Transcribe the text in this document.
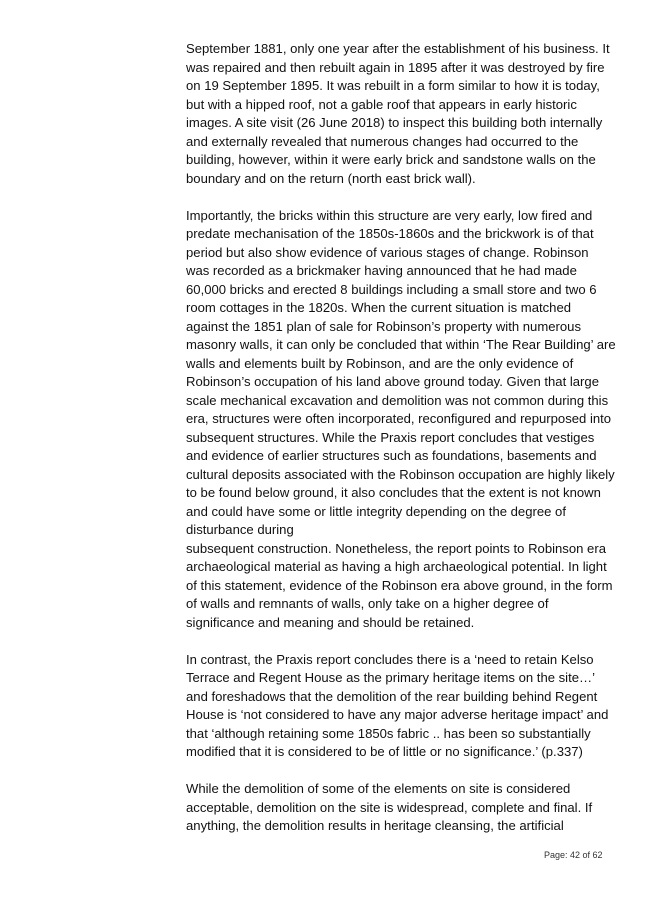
September 1881, only one year after the establishment of his business. It
was repaired and then rebuilt again in 1895 after it was destroyed by fire
on 19 September 1895. It was rebuilt in a form similar to how it is today,
but with a hipped roof, not a gable roof that appears in early historic
images. A site visit (26 June 2018) to inspect this building both internally
and externally revealed that numerous changes had occurred to the
building, however, within it were early brick and sandstone walls on the
boundary and on the return (north east brick wall).

Importantly, the bricks within this structure are very early, low fired and
predate mechanisation of the 1850s-1860s and the brickwork is of that
period but also show evidence of various stages of change. Robinson
was recorded as a brickmaker having announced that he had made
60,000 bricks and erected 8 buildings including a small store and two 6
room cottages in the 1820s. When the current situation is matched
against the 1851 plan of sale for Robinson’s property with numerous
masonry walls, it can only be concluded that within ‘The Rear Building’ are
walls and elements built by Robinson, and are the only evidence of
Robinson’s occupation of his land above ground today. Given that large
scale mechanical excavation and demolition was not common during this
era, structures were often incorporated, reconfigured and repurposed into
subsequent structures. While the Praxis report concludes that vestiges
and evidence of earlier structures such as foundations, basements and
cultural deposits associated with the Robinson occupation are highly likely
to be found below ground, it also concludes that the extent is not known
and could have some or little integrity depending on the degree of
disturbance during
subsequent construction. Nonetheless, the report points to Robinson era
archaeological material as having a high archaeological potential. In light
of this statement, evidence of the Robinson era above ground, in the form
of walls and remnants of walls, only take on a higher degree of
significance and meaning and should be retained.

In contrast, the Praxis report concludes there is a ‘need to retain Kelso
Terrace and Regent House as the primary heritage items on the site…’
and foreshadows that the demolition of the rear building behind Regent
House is ‘not considered to have any major adverse heritage impact’ and
that ‘although retaining some 1850s fabric .. has been so substantially
modified that it is considered to be of little or no significance.’ (p.337)

While the demolition of some of the elements on site is considered
acceptable, demolition on the site is widespread, complete and final. If
anything, the demolition results in heritage cleansing, the artificial

Page: 42 of 62
